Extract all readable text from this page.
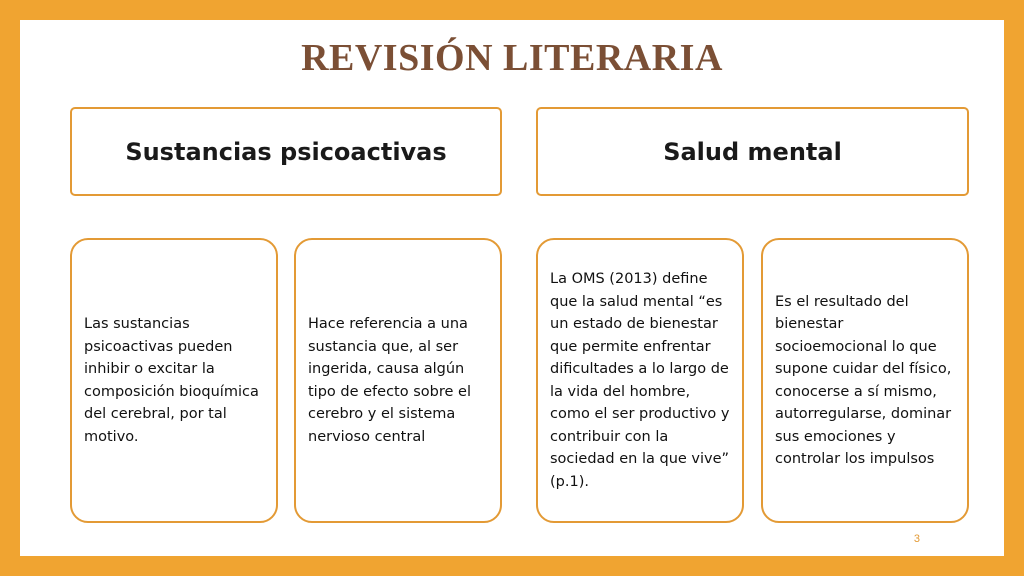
REVISIÓN LITERARIA
Sustancias psicoactivas	Salud mental

Las sustancias psicoactivas pueden inhibir o excitar la composición bioquímica del cerebral, por tal motivo.

Hace referencia a una sustancia que, al ser ingerida, causa algún tipo de efecto sobre el cerebro y el sistema nervioso central

La OMS (2013) define que la salud mental “es un estado de bienestar que permite enfrentar dificultades a lo largo de la vida del hombre, como el ser productivo y contribuir con la sociedad en la que vive” (p.1).

Es el resultado del bienestar socioemocional lo que supone cuidar del físico, conocerse a sí mismo, autorregularse, dominar sus emociones y controlar los impulsos

3
